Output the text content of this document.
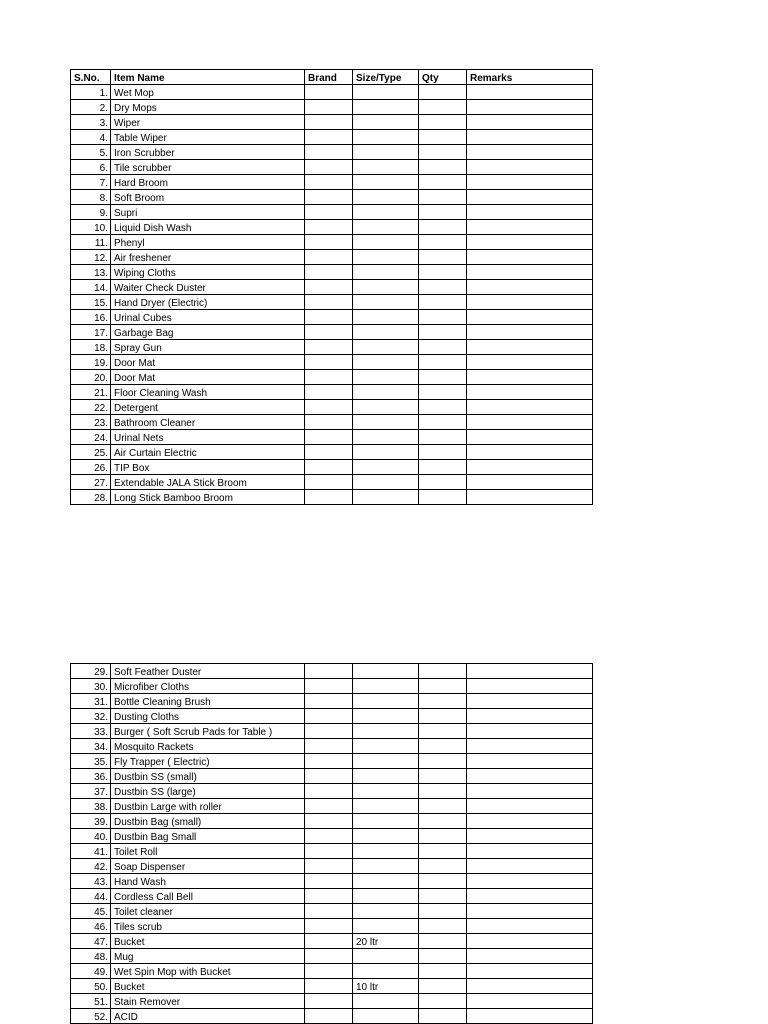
S.No.	Item Name	Brand	Size/Type	Qty	Remarks
1.	Wet Mop				
2.	Dry Mops				
3.	Wiper				
4.	Table Wiper				
5.	Iron Scrubber				
6.	Tile scrubber				
7.	Hard Broom				
8.	Soft Broom				
9.	Supri				
10.	Liquid Dish Wash				
11.	Phenyl				
12.	Air freshener				
13.	Wiping Cloths				
14.	Waiter Check Duster				
15.	Hand Dryer (Electric)				
16.	Urinal Cubes				
17.	Garbage Bag				
18.	Spray Gun				
19.	Door Mat				
20.	Door Mat				
21.	Floor Cleaning Wash				
22.	Detergent				
23.	Bathroom Cleaner				
24.	Urinal Nets				
25.	Air Curtain Electric				
26.	TIP Box				
27.	Extendable JALA Stick Broom				
28.	Long Stick Bamboo Broom				
29.	Soft Feather Duster				
30.	Microfiber Cloths				
31.	Bottle Cleaning Brush				
32.	Dusting Cloths				
33.	Burger ( Soft Scrub Pads for Table )				
34.	Mosquito Rackets				
35.	Fly Trapper ( Electric)				
36.	Dustbin SS (small)				
37.	Dustbin SS (large)				
38.	Dustbin Large with roller				
39.	Dustbin Bag (small)				
40.	Dustbin Bag Small				
41.	Toilet Roll				
42.	Soap Dispenser				
43.	Hand Wash				
44.	Cordless Call Bell				
45.	Toilet cleaner				
46.	Tiles scrub				
47.	Bucket		20 ltr		
48.	Mug				
49.	Wet Spin Mop with Bucket				
50.	Bucket		10 ltr		
51.	Stain Remover				
52.	ACID				
